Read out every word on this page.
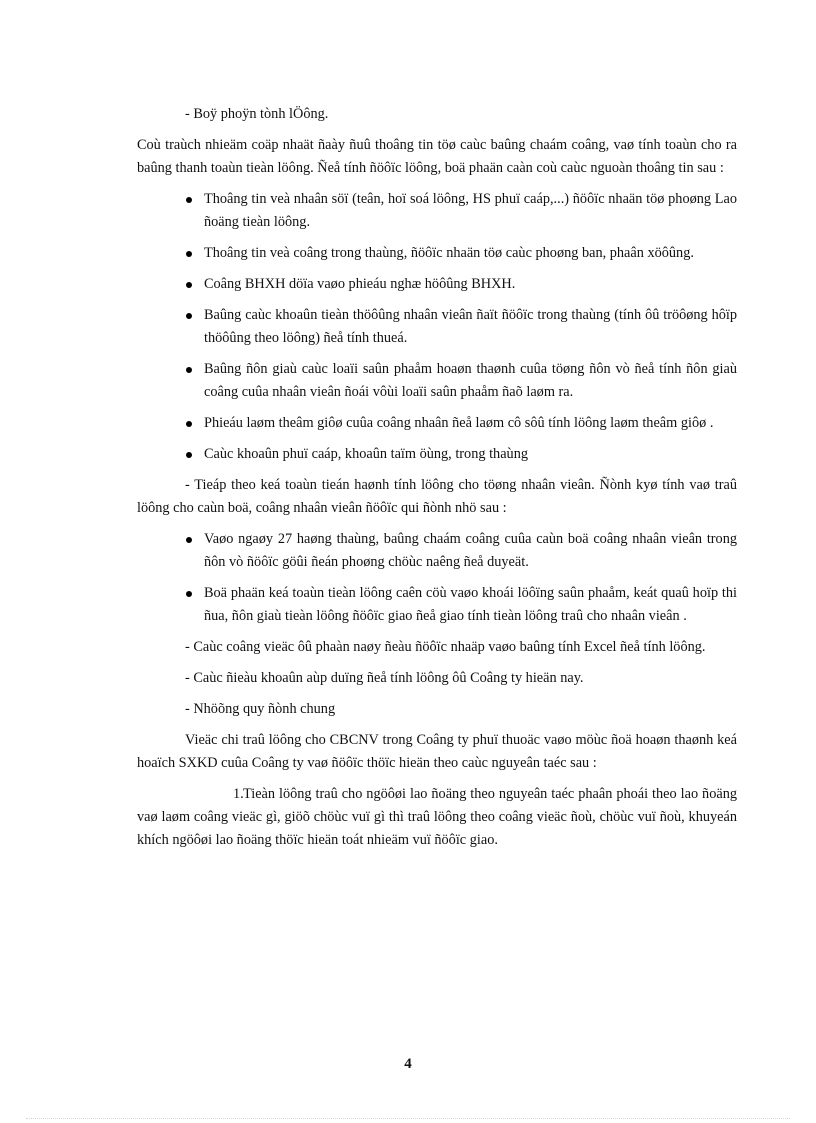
- Boÿ phoÿn tònh lÖông.

Coù traùch nhieäm coäp nhaät ñaày ñuû thoâng tin töø caùc baûng chaám coâng, vaø tính toaùn cho ra baûng thanh toaùn tieàn löông. Ñeå tính ñöôïc löông, boä phaän caàn coù caùc nguoàn thoâng tin sau :

Thoâng tin veà nhaân söï (teân, hoï soá löông, HS phuï caáp,...) ñöôïc nhaän töø phoøng Lao ñoäng tieàn löông.
Thoâng tin veà coâng trong thaùng, ñöôïc nhaän töø caùc phoøng ban, phaân xöôûng.
Coâng BHXH döïa vaøo phieáu nghæ höôûng BHXH.
Baûng caùc khoaûn tieàn thöôûng nhaân vieân ñaït ñöôïc trong thaùng (tính ôû tröôøng hôïp thöôûng theo löông) ñeå tính thueá.
Baûng ñôn giaù caùc loaïi saûn phaåm hoaøn thaønh cuûa töøng ñôn vò ñeå tính ñôn giaù coâng cuûa nhaân vieân ñoái vôùi loaïi saûn phaåm ñaõ laøm ra.
Phieáu laøm theâm giôø cuûa coâng nhaân ñeå laøm cô sôû tính löông laøm theâm giôø .
Caùc khoaûn phuï caáp, khoaûn taïm öùng, trong thaùng

- Tieáp theo keá toaùn tieán haønh tính löông cho töøng nhaân vieân. Ñònh kyø tính vaø traû löông cho caùn boä, coâng nhaân vieân ñöôïc qui ñònh nhö sau :

Vaøo ngaøy 27 haøng thaùng, baûng chaám coâng cuûa caùn boä coâng nhaân vieân trong ñôn vò ñöôïc göûi ñeán phoøng chöùc naêng ñeå duyeät.
Boä phaän keá toaùn tieàn löông caên cöù vaøo khoái löôïng saûn phaåm, keát quaû hoïp thi ñua, ñôn giaù tieàn löông ñöôïc giao ñeå giao tính tieàn löông traû cho nhaân vieân .

- Caùc coâng vieäc ôû phaàn naøy ñeàu ñöôïc nhaäp vaøo baûng tính Excel ñeå tính löông.

- Caùc ñieàu khoaûn aùp duïng ñeå tính löông ôû Coâng ty hieän nay.

- Nhöõng quy ñònh chung

Vieäc chi traû löông cho CBCNV trong Coâng ty phuï thuoäc vaøo möùc ñoä hoaøn thaønh keá hoaïch SXKD cuûa Coâng ty vaø ñöôïc thöïc hieän theo caùc nguyeân taéc sau :

1.Tieàn löông traû cho ngöôøi lao ñoäng theo nguyeân taéc phaân phoái theo lao ñoäng vaø laøm coâng vieäc gì, giöõ chöùc vuï gì thì traû löông theo coâng vieäc ñoù, chöùc vuï ñoù, khuyeán khích ngöôøi lao ñoäng thöïc hieän toát nhieäm vuï ñöôïc giao.

4
